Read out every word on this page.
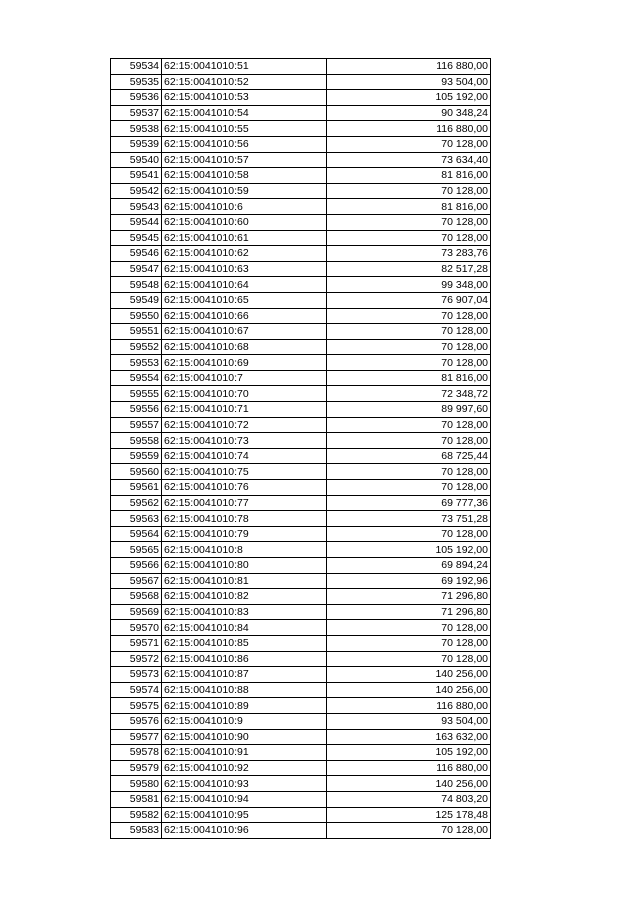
59534	62:15:0041010:51	116 880,00
59535	62:15:0041010:52	93 504,00
59536	62:15:0041010:53	105 192,00
59537	62:15:0041010:54	90 348,24
59538	62:15:0041010:55	116 880,00
59539	62:15:0041010:56	70 128,00
59540	62:15:0041010:57	73 634,40
59541	62:15:0041010:58	81 816,00
59542	62:15:0041010:59	70 128,00
59543	62:15:0041010:6	81 816,00
59544	62:15:0041010:60	70 128,00
59545	62:15:0041010:61	70 128,00
59546	62:15:0041010:62	73 283,76
59547	62:15:0041010:63	82 517,28
59548	62:15:0041010:64	99 348,00
59549	62:15:0041010:65	76 907,04
59550	62:15:0041010:66	70 128,00
59551	62:15:0041010:67	70 128,00
59552	62:15:0041010:68	70 128,00
59553	62:15:0041010:69	70 128,00
59554	62:15:0041010:7	81 816,00
59555	62:15:0041010:70	72 348,72
59556	62:15:0041010:71	89 997,60
59557	62:15:0041010:72	70 128,00
59558	62:15:0041010:73	70 128,00
59559	62:15:0041010:74	68 725,44
59560	62:15:0041010:75	70 128,00
59561	62:15:0041010:76	70 128,00
59562	62:15:0041010:77	69 777,36
59563	62:15:0041010:78	73 751,28
59564	62:15:0041010:79	70 128,00
59565	62:15:0041010:8	105 192,00
59566	62:15:0041010:80	69 894,24
59567	62:15:0041010:81	69 192,96
59568	62:15:0041010:82	71 296,80
59569	62:15:0041010:83	71 296,80
59570	62:15:0041010:84	70 128,00
59571	62:15:0041010:85	70 128,00
59572	62:15:0041010:86	70 128,00
59573	62:15:0041010:87	140 256,00
59574	62:15:0041010:88	140 256,00
59575	62:15:0041010:89	116 880,00
59576	62:15:0041010:9	93 504,00
59577	62:15:0041010:90	163 632,00
59578	62:15:0041010:91	105 192,00
59579	62:15:0041010:92	116 880,00
59580	62:15:0041010:93	140 256,00
59581	62:15:0041010:94	74 803,20
59582	62:15:0041010:95	125 178,48
59583	62:15:0041010:96	70 128,00
